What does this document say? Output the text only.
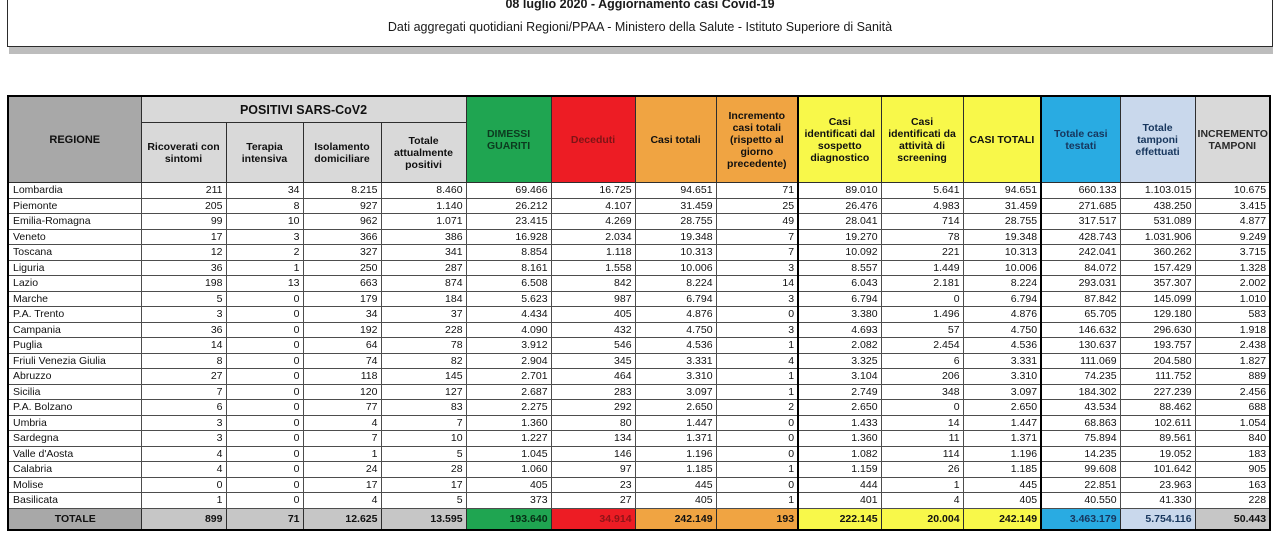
08 luglio 2020 - Aggiornamento casi Covid-19
Dati aggregati quotidiani Regioni/PPAA - Ministero della Salute - Istituto Superiore di Sanità
REGIONE	POSITIVI SARS-CoV2				DIMESSI GUARITI	Deceduti	Casi totali	Incremento casi totali (rispetto al giorno precedente)	Casi identificati dal sospetto diagnostico	Casi identificati da attività di screening	CASI TOTALI	Totale casi testati	Totale tamponi effettuati	INCREMENTO TAMPONI
	Ricoverati con sintomi	Terapia intensiva	Isolamento domiciliare	Totale attualmente positivi										
Lombardia	211	34	8.215	8.460	69.466	16.725	94.651	71	89.010	5.641	94.651	660.133	1.103.015	10.675
Piemonte	205	8	927	1.140	26.212	4.107	31.459	25	26.476	4.983	31.459	271.685	438.250	3.415
Emilia-Romagna	99	10	962	1.071	23.415	4.269	28.755	49	28.041	714	28.755	317.517	531.089	4.877
Veneto	17	3	366	386	16.928	2.034	19.348	7	19.270	78	19.348	428.743	1.031.906	9.249
Toscana	12	2	327	341	8.854	1.118	10.313	7	10.092	221	10.313	242.041	360.262	3.715
Liguria	36	1	250	287	8.161	1.558	10.006	3	8.557	1.449	10.006	84.072	157.429	1.328
Lazio	198	13	663	874	6.508	842	8.224	14	6.043	2.181	8.224	293.031	357.307	2.002
Marche	5	0	179	184	5.623	987	6.794	3	6.794	0	6.794	87.842	145.099	1.010
P.A. Trento	3	0	34	37	4.434	405	4.876	0	3.380	1.496	4.876	65.705	129.180	583
Campania	36	0	192	228	4.090	432	4.750	3	4.693	57	4.750	146.632	296.630	1.918
Puglia	14	0	64	78	3.912	546	4.536	1	2.082	2.454	4.536	130.637	193.757	2.438
Friuli Venezia Giulia	8	0	74	82	2.904	345	3.331	4	3.325	6	3.331	111.069	204.580	1.827
Abruzzo	27	0	118	145	2.701	464	3.310	1	3.104	206	3.310	74.235	111.752	889
Sicilia	7	0	120	127	2.687	283	3.097	1	2.749	348	3.097	184.302	227.239	2.456
P.A. Bolzano	6	0	77	83	2.275	292	2.650	2	2.650	0	2.650	43.534	88.462	688
Umbria	3	0	4	7	1.360	80	1.447	0	1.433	14	1.447	68.863	102.611	1.054
Sardegna	3	0	7	10	1.227	134	1.371	0	1.360	11	1.371	75.894	89.561	840
Valle d'Aosta	4	0	1	5	1.045	146	1.196	0	1.082	114	1.196	14.235	19.052	183
Calabria	4	0	24	28	1.060	97	1.185	1	1.159	26	1.185	99.608	101.642	905
Molise	0	0	17	17	405	23	445	0	444	1	445	22.851	23.963	163
Basilicata	1	0	4	5	373	27	405	1	401	4	405	40.550	41.330	228
TOTALE	899	71	12.625	13.595	193.640	34.914	242.149	193	222.145	20.004	242.149	3.463.179	5.754.116	50.443
